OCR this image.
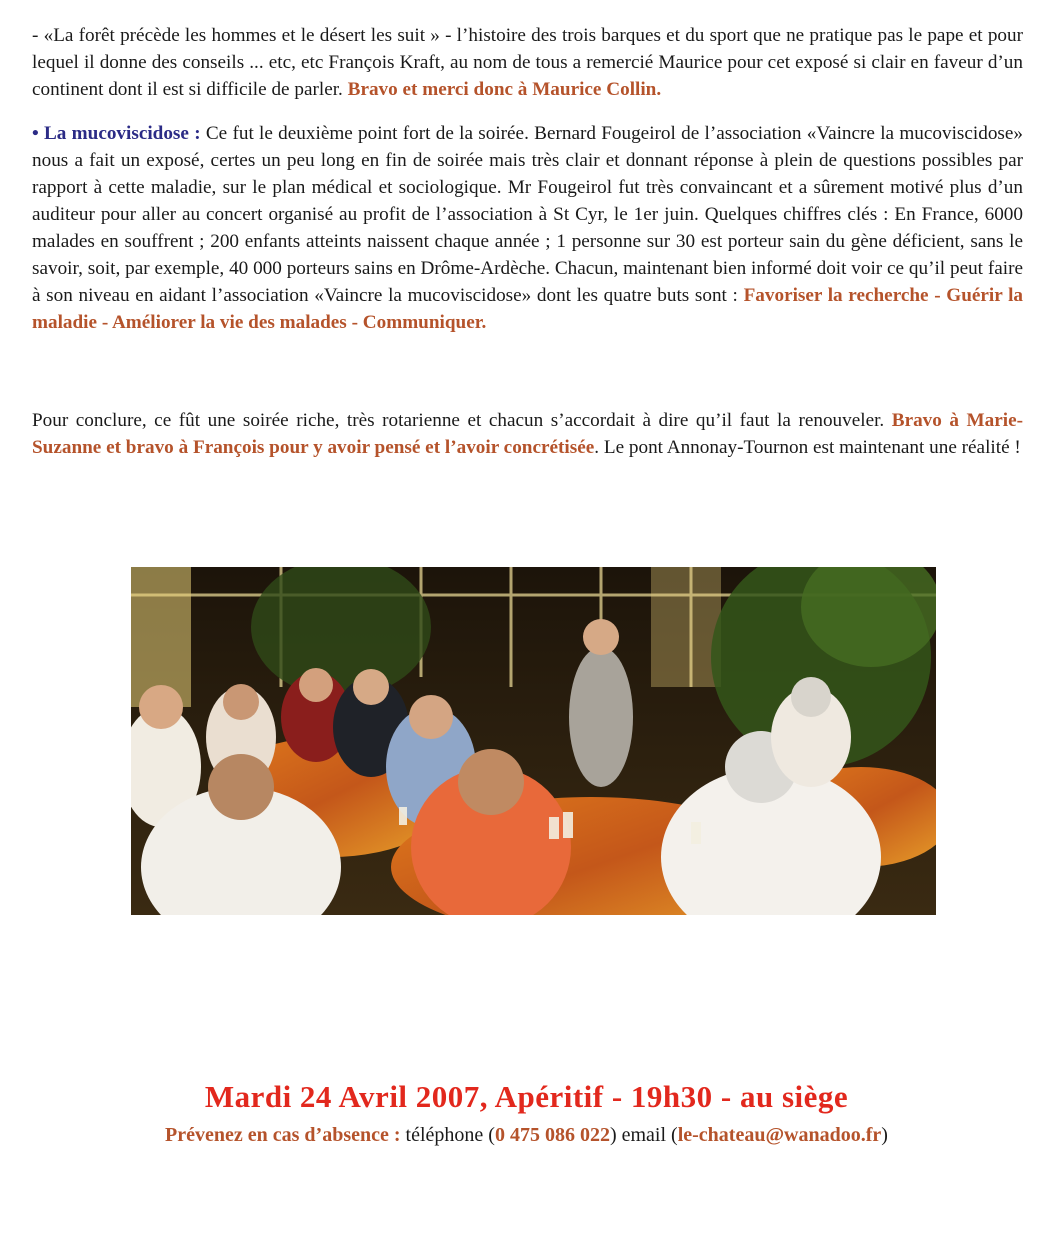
- «La forêt précède les hommes et le désert les suit » - l’histoire des trois barques et du sport que ne pratique pas le pape et pour lequel il donne des conseils ... etc, etc François Kraft, au nom de tous a remercié Maurice pour cet exposé si clair en faveur d’un continent dont il est si difficile de parler. Bravo et merci donc à Maurice Collin.

• La mucoviscidose : Ce fut le deuxième point fort de la soirée. Bernard Fougeirol de l’association «Vaincre la mucoviscidose» nous a fait un exposé, certes un peu long en fin de soirée mais très clair et donnant réponse à plein de questions possibles par rapport à cette maladie, sur le plan médical et sociologique. Mr Fougeirol fut très convaincant et a sûrement motivé plus d’un auditeur pour aller au concert organisé au profit de l’association à St Cyr, le 1er juin. Quelques chiffres clés : En France, 6000 malades en souffrent ; 200 enfants atteints naissent chaque année ; 1 personne sur 30 est porteur sain du gène déficient, sans le savoir, soit, par exemple, 40 000 porteurs sains en Drôme-Ardèche. Chacun, maintenant bien informé doit voir ce qu’il peut faire à son niveau en aidant l’association «Vaincre la mucoviscidose» dont les quatre buts sont : Favoriser la recherche - Guérir la maladie - Améliorer la vie des malades - Communiquer.

Pour conclure, ce fût une soirée riche, très rotarienne et chacun s’accordait à dire qu’il faut la renouveler. Bravo à Marie-Suzanne et bravo à François pour y avoir pensé et l’avoir concrétisée. Le pont Annonay-Tournon est maintenant une réalité !

Mardi 24 Avril 2007, Apéritif - 19h30 - au siège
Prévenez en cas d’absence : téléphone (0 475 086 022) email (le-chateau@wanadoo.fr)
